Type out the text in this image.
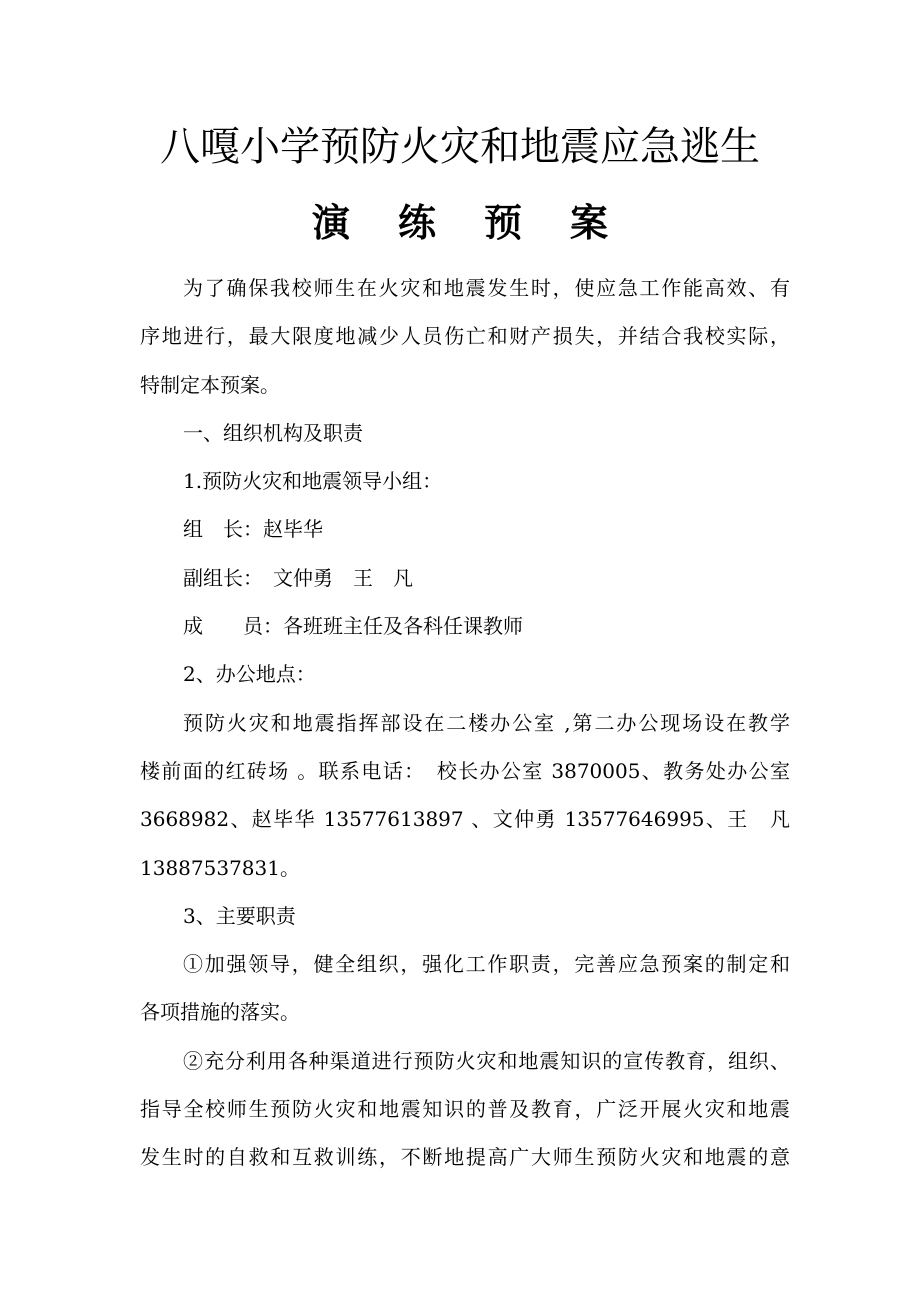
八嘎小学预防火灾和地震应急逃生
演 练 预 案
为了确保我校师生在火灾和地震发生时，使应急工作能高效、有
序地进行，最大限度地减少人员伤亡和财产损失，并结合我校实际，
特制定本预案。
一、组织机构及职责
1.预防火灾和地震领导小组：
组　长：赵毕华
副组长：　文仲勇　王　凡
成　　员：各班班主任及各科任课教师
2、办公地点：
预防火灾和地震指挥部设在二楼办公室 ,第二办公现场设在教学
楼前面的红砖场 。联系电话：　校长办公室 3870005、教务处办公室
3668982、赵毕华 13577613897 、文仲勇 13577646995、王　凡
13887537831。
3、主要职责
①加强领导，健全组织，强化工作职责，完善应急预案的制定和
各项措施的落实。
②充分利用各种渠道进行预防火灾和地震知识的宣传教育，组织、
指导全校师生预防火灾和地震知识的普及教育，广泛开展火灾和地震
发生时的自救和互救训练，不断地提高广大师生预防火灾和地震的意
